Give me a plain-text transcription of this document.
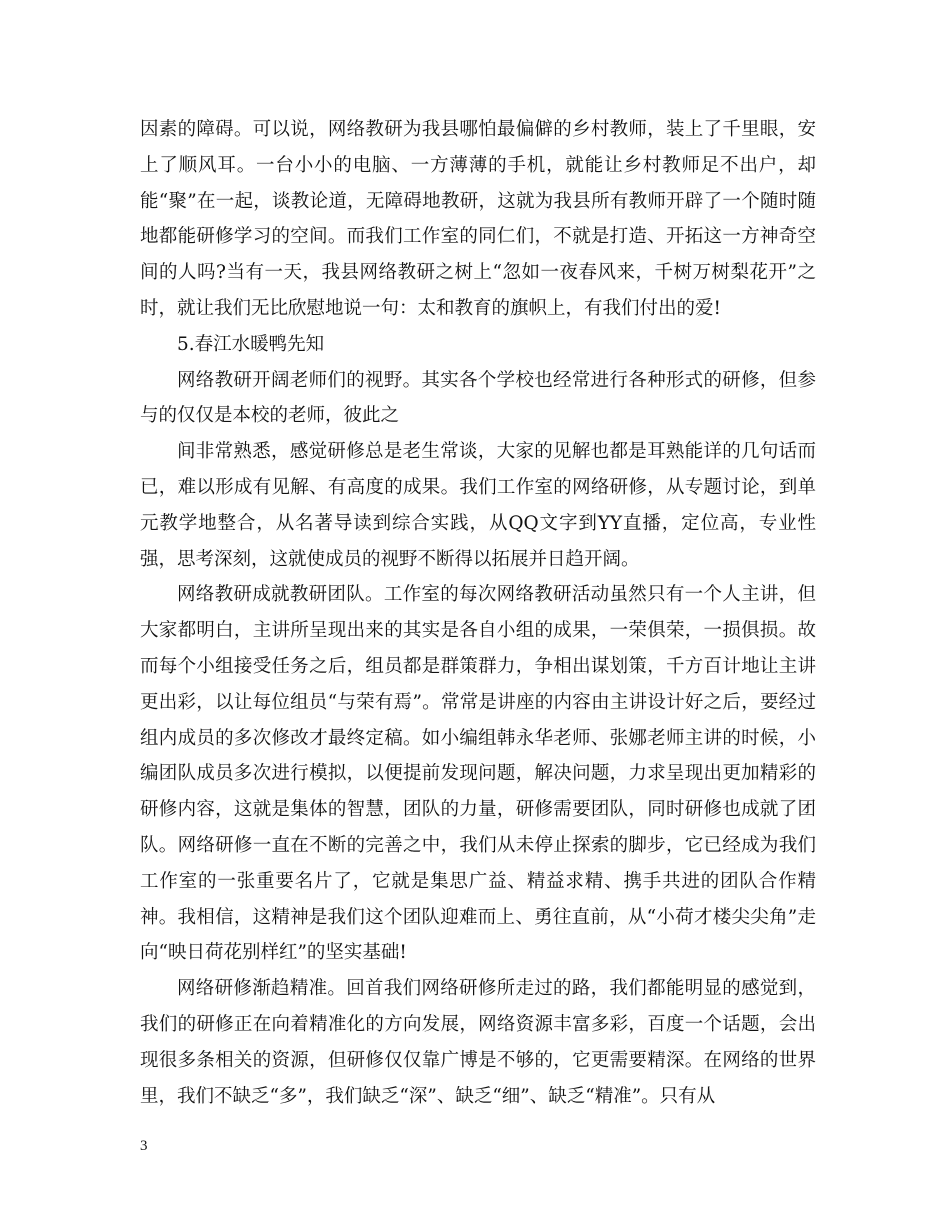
因素的障碍。可以说，网络教研为我县哪怕最偏僻的乡村教师，装上了千里眼，安上了顺风耳。一台小小的电脑、一方薄薄的手机，就能让乡村教师足不出户，却能“聚”在一起，谈教论道，无障碍地教研，这就为我县所有教师开辟了一个随时随地都能研修学习的空间。而我们工作室的同仁们，不就是打造、开拓这一方神奇空间的人吗?当有一天，我县网络教研之树上“忽如一夜春风来，千树万树梨花开”之时，就让我们无比欣慰地说一句：太和教育的旗帜上，有我们付出的爱!

5.春江水暖鸭先知

网络教研开阔老师们的视野。其实各个学校也经常进行各种形式的研修，但参与的仅仅是本校的老师，彼此之

间非常熟悉，感觉研修总是老生常谈，大家的见解也都是耳熟能详的几句话而已，难以形成有见解、有高度的成果。我们工作室的网络研修，从专题讨论，到单元教学地整合，从名著导读到综合实践，从QQ文字到YY直播，定位高，专业性强，思考深刻，这就使成员的视野不断得以拓展并日趋开阔。

网络教研成就教研团队。工作室的每次网络教研活动虽然只有一个人主讲，但大家都明白，主讲所呈现出来的其实是各自小组的成果，一荣俱荣，一损俱损。故而每个小组接受任务之后，组员都是群策群力，争相出谋划策，千方百计地让主讲更出彩，以让每位组员“与荣有焉”。常常是讲座的内容由主讲设计好之后，要经过组内成员的多次修改才最终定稿。如小编组韩永华老师、张娜老师主讲的时候，小编团队成员多次进行模拟，以便提前发现问题，解决问题，力求呈现出更加精彩的研修内容，这就是集体的智慧，团队的力量，研修需要团队，同时研修也成就了团队。网络研修一直在不断的完善之中，我们从未停止探索的脚步，它已经成为我们工作室的一张重要名片了，它就是集思广益、精益求精、携手共进的团队合作精神。我相信，这精神是我们这个团队迎难而上、勇往直前，从“小荷才楼尖尖角”走向“映日荷花别样红”的坚实基础!

网络研修渐趋精准。回首我们网络研修所走过的路，我们都能明显的感觉到，我们的研修正在向着精准化的方向发展，网络资源丰富多彩，百度一个话题，会出现很多条相关的资源，但研修仅仅靠广博是不够的，它更需要精深。在网络的世界里，我们不缺乏“多”，我们缺乏“深”、缺乏“细”、缺乏“精准”。只有从

3
